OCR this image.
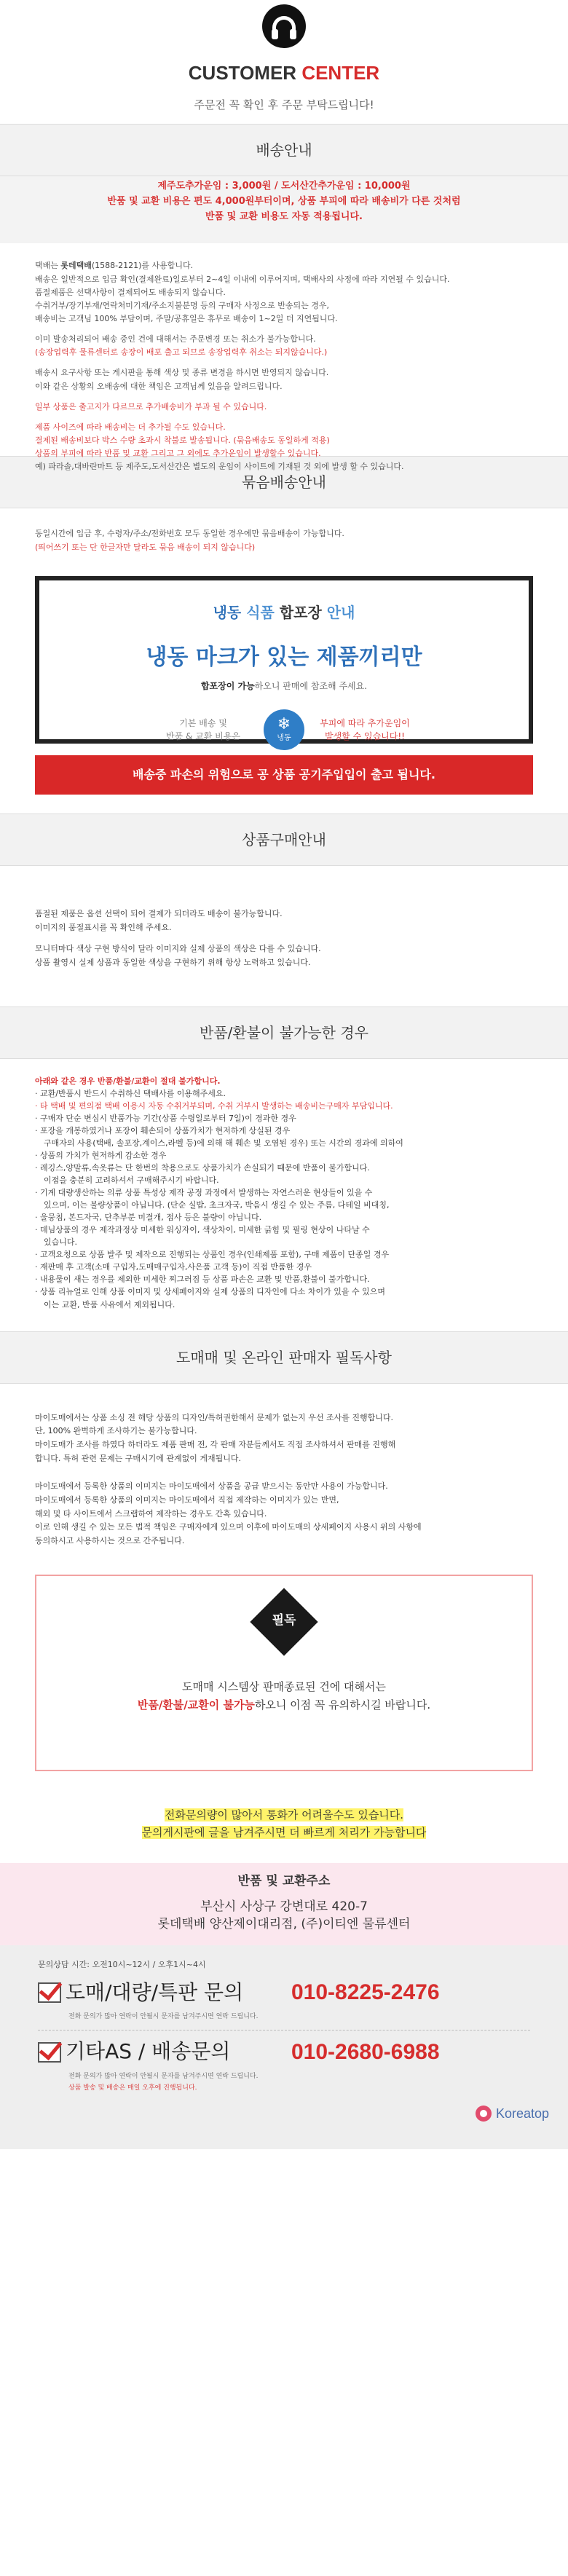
CUSTOMER CENTER
주문전 꼭 확인 후 주문 부탁드립니다!
배송안내
제주도추가운임 : 3,000원 / 도서산간추가운임 : 10,000원
반품 및 교환 비용은 편도 4,000원부터이며, 상품 부피에 따라 배송비가 다른 것처럼
반품 및 교환 비용도 자동 적용됩니다.

택배는 롯데택배(1588-2121)를 사용합니다.

배송은 일반적으로 입금 확인(결제완료)일로부터 2~4일 이내에 이루어지며, 택배사의 사정에 따라 지연될 수 있습니다.

품절제품은 선택사항이 결제되어도 배송되지 않습니다.

수취거부/장기부재/연락처미기재/주소지불분명 등의 구매자 사정으로 반송되는 경우,

배송비는 고객님 100% 부담이며, 주말/공휴일은 휴무로 배송이 1~2일 더 지연됩니다.

이미 발송처리되어 배송 중인 건에 대해서는 주문변경 또는 취소가 불가능합니다.

(송장업력후 물류센터로 송장이 배포 출고 되므로 송장업력후 취소는 되지않습니다.)

배송시 요구사항 또는 게시판을 통해 색상 및 종류 변경을 하시면 반영되지 않습니다.

이와 같은 상황의 오배송에 대한 책임은 고객님께 있음을 알려드립니다.

일부 상품은 출고지가 다르므로 추가배송비가 부과 될 수 있습니다.

제품 사이즈에 따라 배송비는 더 추가될 수도 있습니다.

결제된 배송비보다 박스 수량 초과시 착불로 발송됩니다. (묶음배송도 동일하게 적용)

상품의 부피에 따라 반품 및 교환 그리고 그 외에도 추가운임이 발생할수 있습니다.

예) 파라솔,대바란마트 등 제주도,도서산간은 별도의 운임이 사이트에 기재된 것 외에 발생 할 수 있습니다.

묶음배송안내

동일시간에 입금 후, 수령자/주소/전화번호 모두 동일한 경우에만 묶음배송이 가능합니다.

(띄어쓰기 또는 단 한글자만 달라도 묶음 배송이 되지 않습니다)

냉동 식품 합포장 안내
냉동 마크가 있는 제품끼리만
합포장이 가능하오니 판매에 참조해 주세요.
기본 배송 및
반품 & 교환 비용은
❄
냉동
부피에 따라 추가운임이
발생할 수 있습니다!!
배송중 파손의 위험으로 공 상품 공기주입입이 출고 됩니다.
상품구매안내

품절된 제품은 옵션 선택이 되어 결제가 되더라도 배송이 불가능합니다.

이미지의 품절표시를 꼭 확인해 주세요.

모니터마다 색상 구현 방식이 달라 이미지와 실제 상품의 색상은 다를 수 있습니다.

상품 촬영시 실제 상품과 동일한 색상을 구현하기 위해 항상 노력하고 있습니다.

반품/환불이 불가능한 경우

아래와 같은 경우 반품/환불/교환이 절대 불가합니다.

· 교환/반품시 반드시 수취하신 택배사를 이용해주세요.

· 타 택배 및 편의점 택배 이용시 자동 수취거부되며, 수취 거부시 발생하는 배송비는구매자 부담입니다.

· 구매자 단순 변심시 반품가능 기간(상품 수령일로부터 7일)이 경과한 경우

· 포장을 개봉하였거나 포장이 훼손되어 상품가치가 현저하게 상실된 경우

구매자의 사용(택배, 솔포장,계이스,라벨 등)에 의해 해 훼손 및 오염된 경우) 또는 시간의 경과에 의하여

· 상품의 가치가 현저하게 감소한 경우

· 레깅스,양말류,속옷류는 단 한번의 착용으로도 상품가치가 손실되기 때문에 반품이 불가합니다.

이점을 충분히 고려하셔서 구매해주시기 바랍니다.

· 기계 대량생산하는 의류 상품 특성상 제작 공정 과정에서 발생하는 자연스러운 현상들이 있을 수

있으며, 이는 불량상품이 아닙니다. (단순 실밥, 초크자국, 박음시 생길 수 있는 주름, 다테일 비대칭,

· 울뭉침, 본드자국, 단추부분 미결개, 접사 등은 불량이 아닙니다.

· 데님상품의 경우 제작과정상 미세한 워싱자이, 색상차이, 미세한 긁힘 및 필링 현상이 나타날 수

있습니다.

· 고객요청으로 상품 발주 및 제작으로 진행되는 상품인 경우(인쇄제품 포함), 구매 제품이 단종일 경우

· 재판매 후 고객(소매 구입자,도매매구입자,사은품 고객 등)이 직접 반품한 경우

· 내용물이 새는 경우를 제외한 미세한 찌그러짐 등 상품 파손은 교환 및 반품,환불이 불가합니다.

· 상품 리뉴얼로 인해 상품 이미지 및 상세페이지와 실제 상품의 디자인에 다소 차이가 있을 수 있으며

이는 교환, 반품 사유에서 제외됩니다.

도매매 및 온라인 판매자 필독사항

마이도매에서는 상품 소싱 전 해당 상품의 디자인/특허권한해서 문제가 없는지 우선 조사를 진행합니다.

단, 100% 완벽하게 조사하기는 불가능합니다.

마이도매가 조사를 하였다 하더라도 제품 판매 전, 각 판매 자분들께서도 직접 조사하셔서 판매를 진행해

합니다. 특허 관련 문제는 구매시기에 관계없이 게재됩니다.

마이도매에서 등록한 상품의 이미지는 마이도매에서 상품을 공급 받으시는 동안만 사용이 가능합니다.

마이도매에서 등록한 상품의 이미지는 마이도매에서 직접 제작하는 이미지가 있는 반면,

해외 및 타 사이트에서 스크랩하여 제작하는 경우도 간혹 있습니다.

이로 인해 생길 수 있는 모든 법적 책임은 구매자에게 있으며 이후에 마이도매의 상세페이지 사용시 위의 사항에

동의하시고 사용하시는 것으로 간주됩니다.

필독
도매매 시스템상 판매종료된 건에 대해서는
반품/환불/교환이 불가능하오니 이점 꼭 유의하시길 바랍니다.
전화문의량이 많아서 통화가 어려울수도 있습니다.
문의게시판에 글을 남겨주시면 더 빠르게 처리가 가능합니다
반품 및 교환주소
부산시 사상구 강변대로 420-7
롯데택배 양산제이대리점, (주)이티엔 물류센터
문의상담 시간: 오전10시~12시 / 오후1시~4시
도매/대량/특판 문의	010-8225-2476
전화 문의가 많아 연락이 안될시 문자를 남겨주시면 연락 드립니다.
기타AS / 배송문의	010-2680-6988
전화 문의가 많아 연락이 안될시 문자를 남겨주시면 연락 드립니다.
상품 발송 및 배송은 매일 오후에 진행됩니다.
Koreatop
